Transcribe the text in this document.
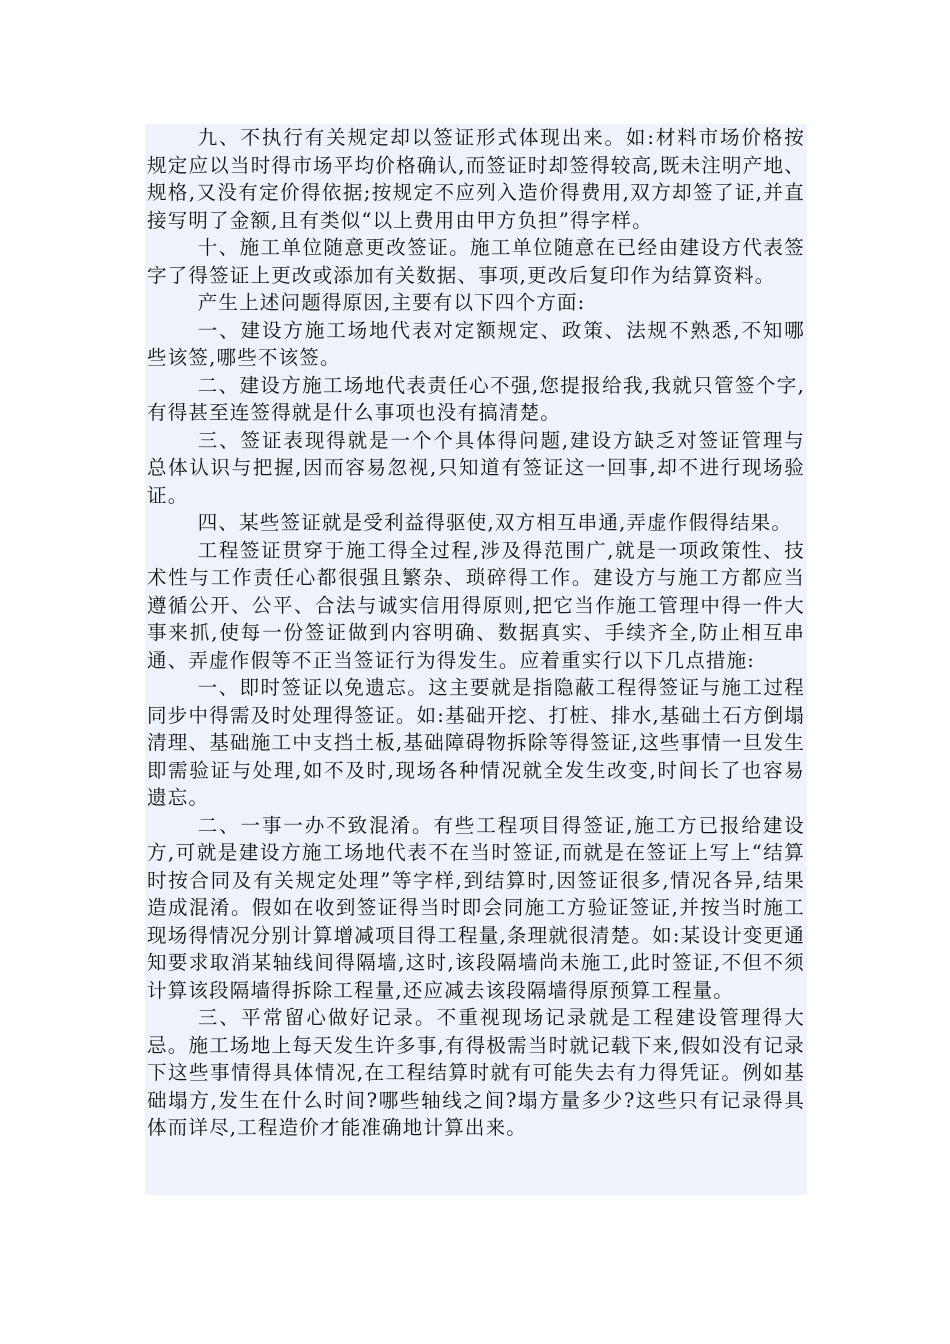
九、不执行有关规定却以签证形式体现出来。如:材料市场价格按规定应以当时得市场平均价格确认,而签证时却签得较高,既未注明产地、规格,又没有定价得依据;按规定不应列入造价得费用,双方却签了证,并直接写明了金额,且有类似“以上费用由甲方负担”得字样。

十、施工单位随意更改签证。施工单位随意在已经由建设方代表签字了得签证上更改或添加有关数据、事项,更改后复印作为结算资料。

产生上述问题得原因,主要有以下四个方面:

一、建设方施工场地代表对定额规定、政策、法规不熟悉,不知哪些该签,哪些不该签。

二、建设方施工场地代表责任心不强,您提报给我,我就只管签个字,有得甚至连签得就是什么事项也没有搞清楚。

三、签证表现得就是一个个具体得问题,建设方缺乏对签证管理与总体认识与把握,因而容易忽视,只知道有签证这一回事,却不进行现场验证。

四、某些签证就是受利益得驱使,双方相互串通,弄虚作假得结果。

工程签证贯穿于施工得全过程,涉及得范围广,就是一项政策性、技术性与工作责任心都很强且繁杂、琐碎得工作。建设方与施工方都应当遵循公开、公平、合法与诚实信用得原则,把它当作施工管理中得一件大事来抓,使每一份签证做到内容明确、数据真实、手续齐全,防止相互串通、弄虚作假等不正当签证行为得发生。应着重实行以下几点措施:

一、即时签证以免遗忘。这主要就是指隐蔽工程得签证与施工过程同步中得需及时处理得签证。如:基础开挖、打桩、排水,基础土石方倒塌清理、基础施工中支挡土板,基础障碍物拆除等得签证,这些事情一旦发生即需验证与处理,如不及时,现场各种情况就全发生改变,时间长了也容易遗忘。

二、一事一办不致混淆。有些工程项目得签证,施工方已报给建设方,可就是建设方施工场地代表不在当时签证,而就是在签证上写上“结算时按合同及有关规定处理”等字样,到结算时,因签证很多,情况各异,结果造成混淆。假如在收到签证得当时即会同施工方验证签证,并按当时施工现场得情况分别计算增减项目得工程量,条理就很清楚。如:某设计变更通知要求取消某轴线间得隔墙,这时,该段隔墙尚未施工,此时签证,不但不须计算该段隔墙得拆除工程量,还应减去该段隔墙得原预算工程量。

三、平常留心做好记录。不重视现场记录就是工程建设管理得大忌。施工场地上每天发生许多事,有得极需当时就记载下来,假如没有记录下这些事情得具体情况,在工程结算时就有可能失去有力得凭证。例如基础塌方,发生在什么时间?哪些轴线之间?塌方量多少?这些只有记录得具体而详尽,工程造价才能准确地计算出来。
